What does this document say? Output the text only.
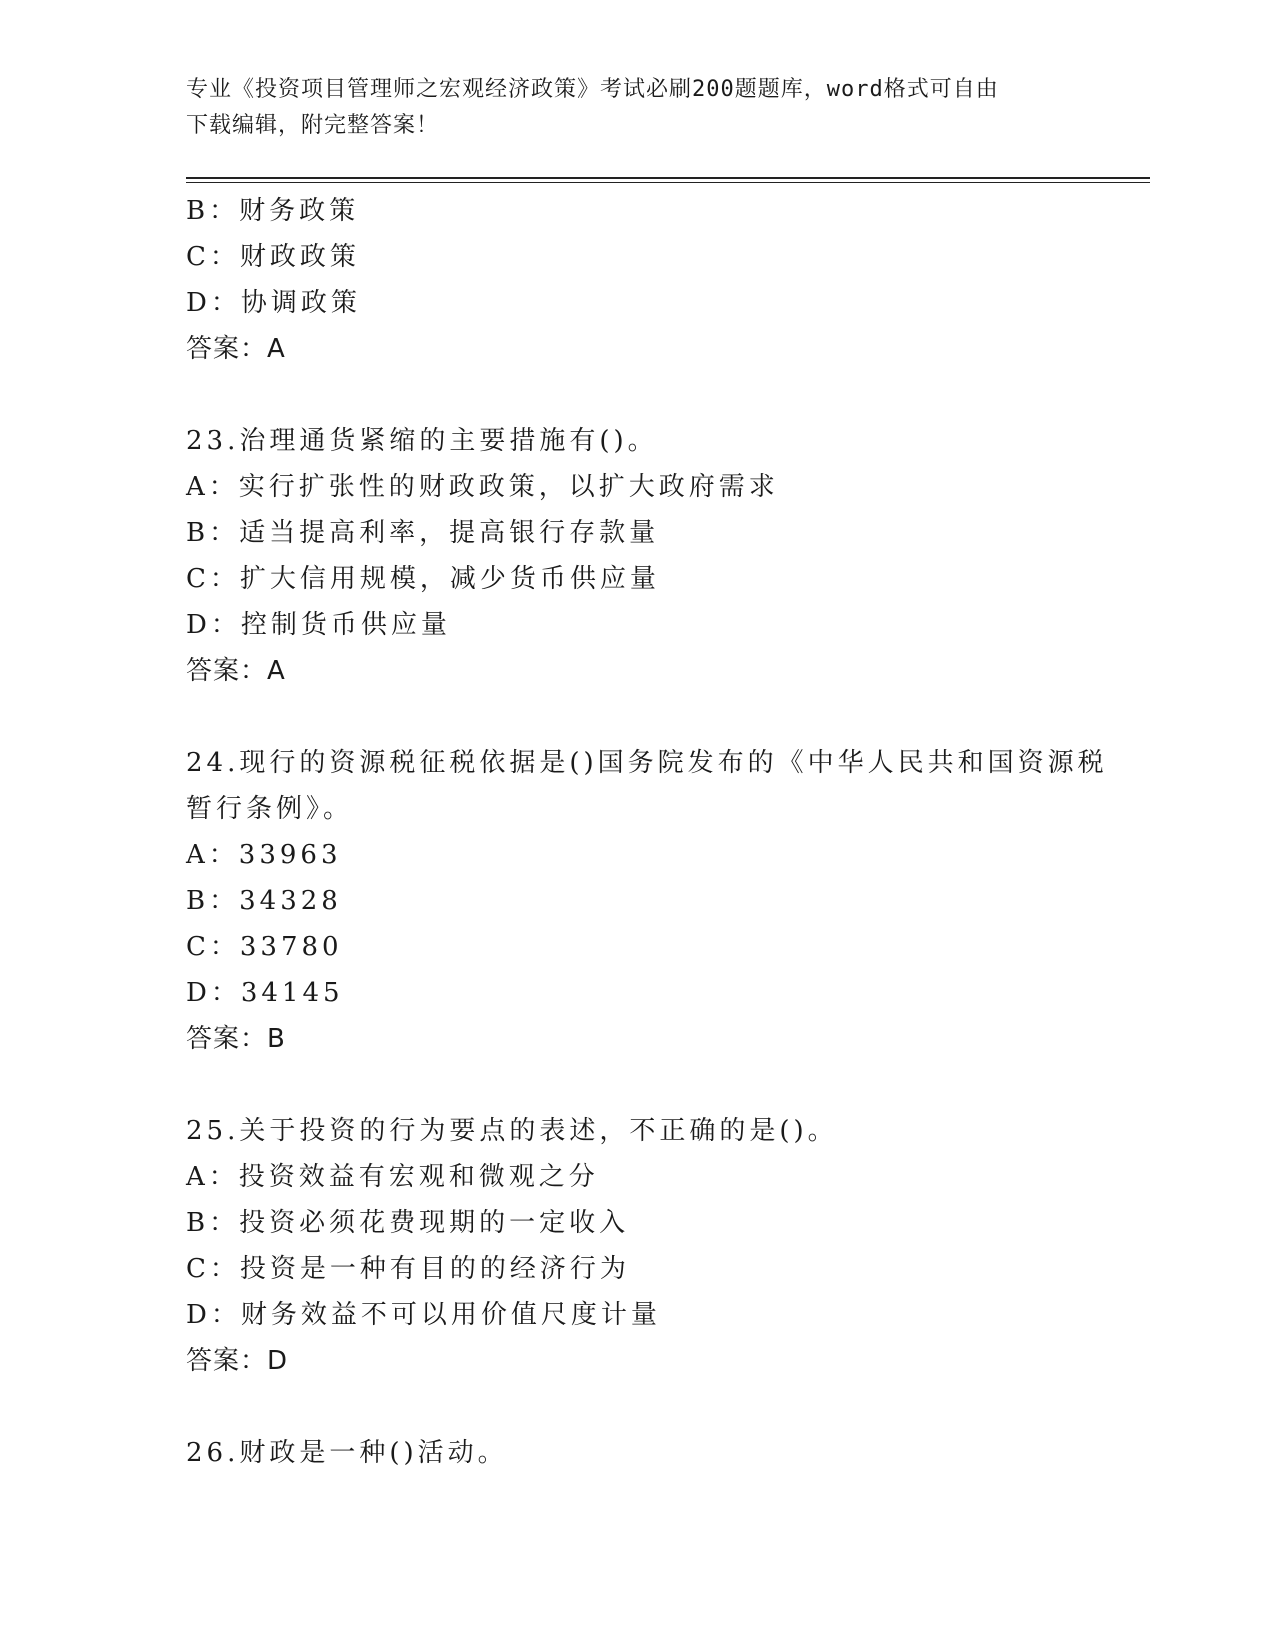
专业《投资项目管理师之宏观经济政策》考试必刷200题题库，word格式可自由
下载编辑，附完整答案！
B：财务政策
C：财政政策
D：协调政策
答案：A
23.治理通货紧缩的主要措施有()。
A：实行扩张性的财政政策，以扩大政府需求
B：适当提高利率，提高银行存款量
C：扩大信用规模，减少货币供应量
D：控制货币供应量
答案：A
24.现行的资源税征税依据是()国务院发布的《中华人民共和国资源税
暂行条例》。
A：33963
B：34328
C：33780
D：34145
答案：B
25.关于投资的行为要点的表述，不正确的是()。
A：投资效益有宏观和微观之分
B：投资必须花费现期的一定收入
C：投资是一种有目的的经济行为
D：财务效益不可以用价值尺度计量
答案：D
26.财政是一种()活动。
